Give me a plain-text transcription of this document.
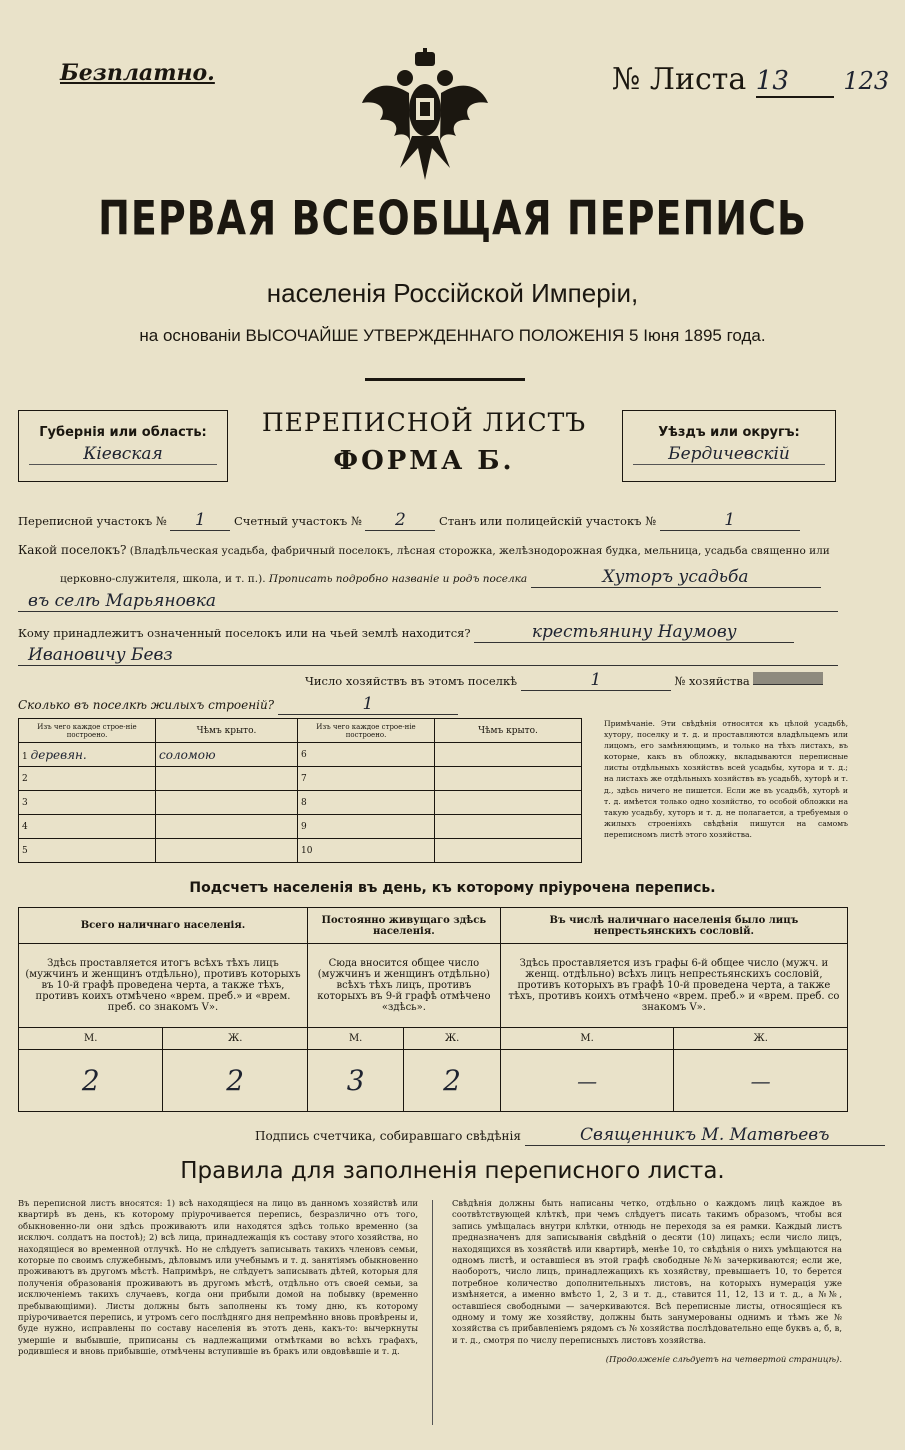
Безплатно.	№ Листа 13 123
ПЕРВАЯ ВСЕОБЩАЯ ПЕРЕПИСЬ
населенія Россійской Имперіи,
на основаніи ВЫСОЧАЙШЕ УТВЕРЖДЕННАГО ПОЛОЖЕНІЯ 5 Іюня 1895 года.
Губернія или область:
Кіевская
ПЕРЕПИСНОЙ ЛИСТЪ
ФОРМА Б.
Уѣздъ или округъ:
Бердичевскій
Переписной участокъ № 1 Счетный участокъ № 2	Станъ или полицейскій участокъ №	1
Какой поселокъ? (Владѣльческая усадьба, фабричный поселокъ, лѣсная сторожка, желѣзнодорожная будка, мельница, усадьба священно или
церковно-служителя, школа, и т. п.). Прописать подробно названіе и родъ поселка	Хуторъ усадьба
въ селѣ Марьяновка
Кому принадлежитъ означенный поселокъ или на чьей землѣ находится?	крестьянину Наумову
Ивановичу Бевз
Число хозяйствъ въ этомъ поселкѣ	1	№ хозяйства
Сколько въ поселкѣ жилыхъ строеній?	1
Изъ чего каждое строе-ніе построено.	Чѣмъ крыто.	Изъ чего каждое строе-ніе построено.	Чѣмъ крыто.
1 деревян.	соломою	6	
2		7	
3		8	
4		9	
5		10	
Примѣчаніе. Эти свѣдѣнія относятся къ цѣлой усадьбѣ, хутору, поселку и т. д. и проставляются владѣльцемъ или лицомъ, его замѣняющимъ, и только на тѣхъ листахъ, въ которые, какъ въ обложку, вкладываются переписные листы отдѣльныхъ хозяйствъ всей усадьбы, хутора и т. д.; на листахъ же отдѣльныхъ хозяйствъ въ усадьбѣ, хуторѣ и т. д., здѣсь ничего не пишется. Если же въ усадьбѣ, хуторѣ и т. д. имѣется только одно хозяйство, то особой обложки на такую усадьбу, хуторъ и т. д. не полагается, а требуемыя о жилыхъ строеніяхъ свѣдѣнія пишутся на самомъ переписномъ листѣ этого хозяйства.
Подсчетъ населенія въ день, къ которому пріурочена перепись.
Всего наличнаго населенія.		Постоянно живущаго здѣсь населенія.		Въ числѣ наличнаго населенія было лицъ непрестьянскихъ сословій.	
Здѣсь проставляется итогъ всѣхъ тѣхъ лицъ (мужчинъ и женщинъ отдѣльно), противъ которыхъ въ 10-й графѣ проведена черта, а также тѣхъ, противъ коихъ отмѣчено «врем. преб.» и «врем. преб. со знакомъ V».		Сюда вносится общее число (мужчинъ и женщинъ отдѣльно) всѣхъ тѣхъ лицъ, противъ которыхъ въ 9-й графѣ отмѣчено «здѣсь».		Здѣсь проставляется изъ графы 6-й общее число (мужч. и женщ. отдѣльно) всѣхъ лицъ непрестьянскихъ сословій, противъ которыхъ въ графѣ 10-й проведена черта, а также тѣхъ, противъ коихъ отмѣчено «врем. преб.» и «врем. преб. со знакомъ V».	
М.	Ж.	М.	Ж.	М.	Ж.
2	2	3	2	—	—
Подпись счетчика, собиравшаго свѣдѣнія	Священникъ М. Матвѣевъ
Правила для заполненія переписного листа.
Въ переписной листъ вносятся: 1) всѣ находящіеся на лицо въ данномъ хозяйствѣ или квартирѣ въ день, къ которому пріурочивается перепись, безразлично отъ того, обыкновенно-ли они здѣсь проживаютъ или находятся здѣсь только временно (за исключ. солдатъ на постоѣ); 2) всѣ лица, принадлежащія къ составу этого хозяйства, но находящіеся во временной отлучкѣ. Но не слѣдуетъ записывать такихъ членовъ семьи, которые по своимъ служебнымъ, дѣловымъ или учебнымъ и т. д. занятіямъ обыкновенно проживаютъ въ другомъ мѣстѣ. Напримѣръ, не слѣдуетъ записывать дѣтей, которыя для полученія образованія проживаютъ въ другомъ мѣстѣ, отдѣльно отъ своей семьи, за исключеніемъ такихъ случаевъ, когда они прибыли домой на побывку (временно пребывающіими). Листы должны быть заполнены къ тому дню, къ которому пріурочивается перепись, и утромъ сего послѣдняго дня непремѣнно вновь провѣрены и, буде нужно, исправлены по составу населенія въ этотъ день, какъ-то: вычеркнуты умершіе и выбывшіе, приписаны съ надлежащими отмѣтками во всѣхъ графахъ, родившіеся и вновь прибывшіе, отмѣчены вступившіе въ бракъ или овдовѣвшіе и т. д.
Свѣдѣнія должны быть написаны четко, отдѣльно о каждомъ лицѣ каждое въ соотвѣтствующей клѣткѣ, при чемъ слѣдуетъ писать такимъ образомъ, чтобы вся запись умѣщалась внутри клѣтки, отнюдь не переходя за ея рамки. Каждый листъ предназначенъ для записыванія свѣдѣній о десяти (10) лицахъ; если число лицъ, находящихся въ хозяйствѣ или квартирѣ, менѣе 10, то свѣдѣнія о нихъ умѣщаются на одномъ листѣ, и оставшіеся въ этой графѣ свободные №№ зачеркиваются; если же, наоборотъ, число лицъ, принадлежащихъ къ хозяйству, превышаетъ 10, то берется потребное количество дополнительныхъ листовъ, на которыхъ нумерація уже измѣняется, а именно вмѣсто 1, 2, 3 и т. д., ставится 11, 12, 13 и т. д., а №№, оставшіеся свободными — зачеркиваются. Всѣ переписные листы, относящіеся къ одному и тому же хозяйству, должны быть занумерованы однимъ и тѣмъ же № хозяйства съ прибавленіемъ рядомъ съ № хозяйства послѣдовательно еще буквъ а, б, в, и т. д., смотря по числу переписныхъ листовъ хозяйства.
(Продолженіе слѣдуетъ на четвертой страницѣ).
